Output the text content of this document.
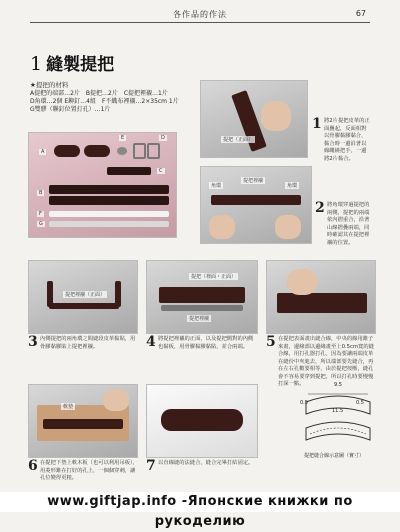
各作品的作法	67
1 縫製提把
★提把的材料
A提把的端部…2片　B提把…2片　C提把裡襯…1片
D角環…2個 E鉚釘…4組　F不織布裡襯…2×35cm 1片
G雙膠（聯釘位置打孔）…1片
A
E	D
C
B
F
G
提把（正面）
1 將2片提把皮革的正面疊起，反面相對以骨膠黏膠黏合，黏合時一邊沿著以線繩繞把手，一邊將2片黏合。
角環
提把裡襯
角環
2 將角環穿過提把的兩側，提把的兩端依內摺重合，沿著山線摺疊兩端，同時確認其在提把裡襯的位置。
提把裡襯（正面）
3 內側提把的兩角環之間縫段皮革黏貼，用骨膠黏膠貼上提把裡襯。
提把（裡面・正面）
提把裡襯
4 將提把裡襯的正面，以及提把側對的內側也黏板，用骨膠黏膠黏貼，並合兩端。	5 在提把表面畫出縫合線，中央的線用錐子來畫，邊緣部以邊緣畫至上0.5cm寬的縫合線，用打孔器打孔，因為要讓兩端皮革在縫份中夾進去，所以端部要先縫合，再在左右孔數要相等，由於提把按壓，縫孔會不容易要穿到提把，所以打孔時要慢慢打深一點。	9.5
11.5
0.5
0.5
提把縫合線示意圖（實寸）
軟墊
6 在提把下墊上軟木板（也可以利用吊板），用菱形錐在打好的孔上，一個個穿刺，讓孔位變得更粗。
7 以直線縫的法縫合，縫合完畢打結固定。
www.giftjap.info -Японские книжки по рукоделию
